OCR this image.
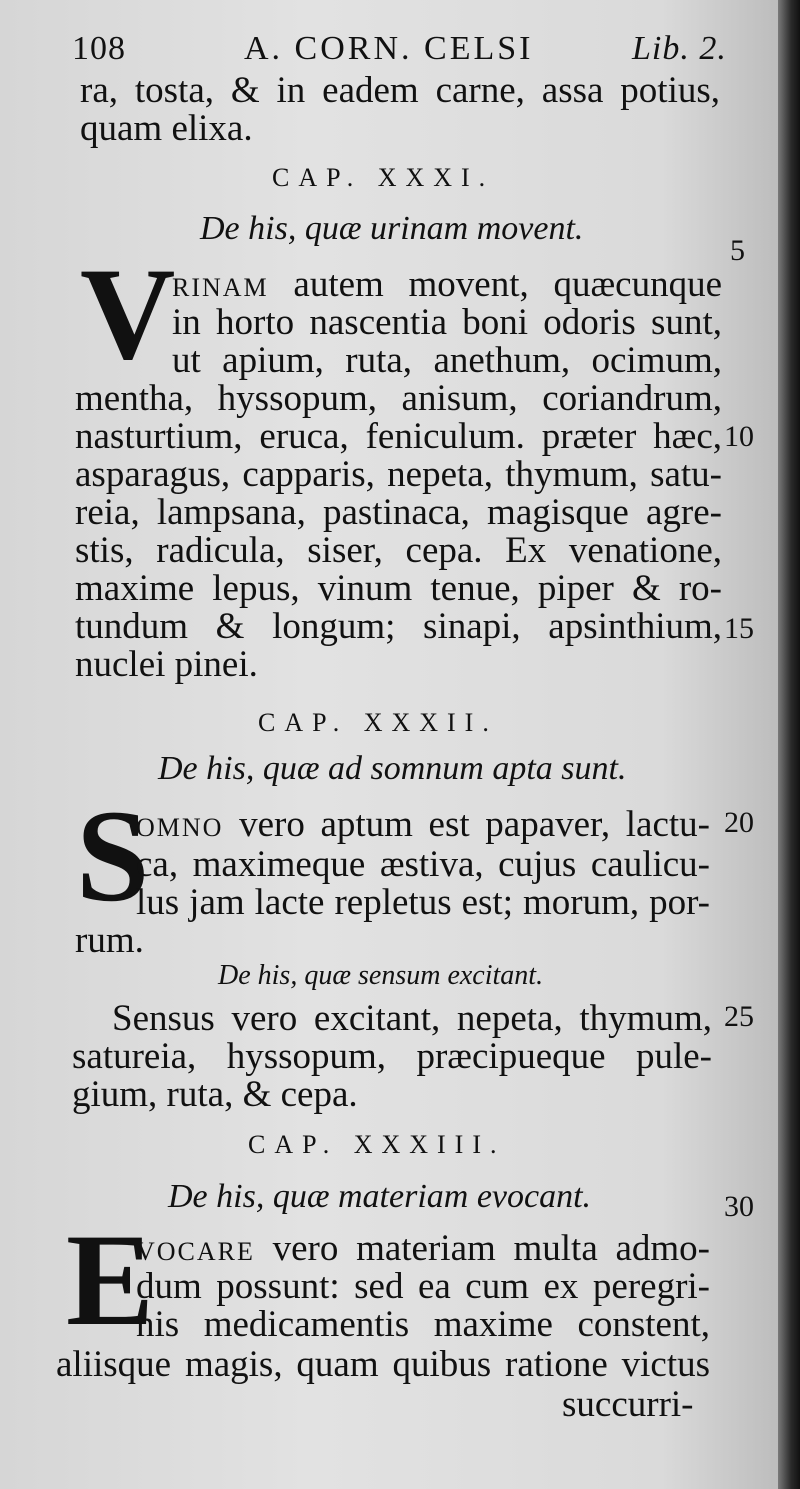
108	A. CORN. CELSI	Lib. 2.
ra, tosta, & in eadem carne, assa potius,
quam elixa.
CAP. XXXI.
De his, quæ urinam movent.
V
RINAM autem movent, quæcunque
in horto nascentia boni odoris sunt,
ut apium, ruta, anethum, ocimum,
mentha, hyssopum, anisum, coriandrum,
nasturtium, eruca, feniculum. præter hæc,
asparagus, capparis, nepeta, thymum, satu-
reia, lampsana, pastinaca, magisque agre-
stis, radicula, siser, cepa. Ex venatione,
maxime lepus, vinum tenue, piper & ro-
tundum & longum; sinapi, apsinthium,
nuclei pinei.
CAP. XXXII.
De his, quæ ad somnum apta sunt.
S
OMNO vero aptum est papaver, lactu-
ca, maximeque æstiva, cujus caulicu-
lus jam lacte repletus est; morum, por-
rum.
De his, quæ sensum excitant.
Sensus vero excitant, nepeta, thymum,
satureia, hyssopum, præcipueque pule-
gium, ruta, & cepa.
CAP. XXXIII.
De his, quæ materiam evocant.
E
VOCARE vero materiam multa admo-
dum possunt: sed ea cum ex peregri-
nis medicamentis maxime constent,
aliisque magis, quam quibus ratione victus
succurri-
5
10
15
20
25
30
